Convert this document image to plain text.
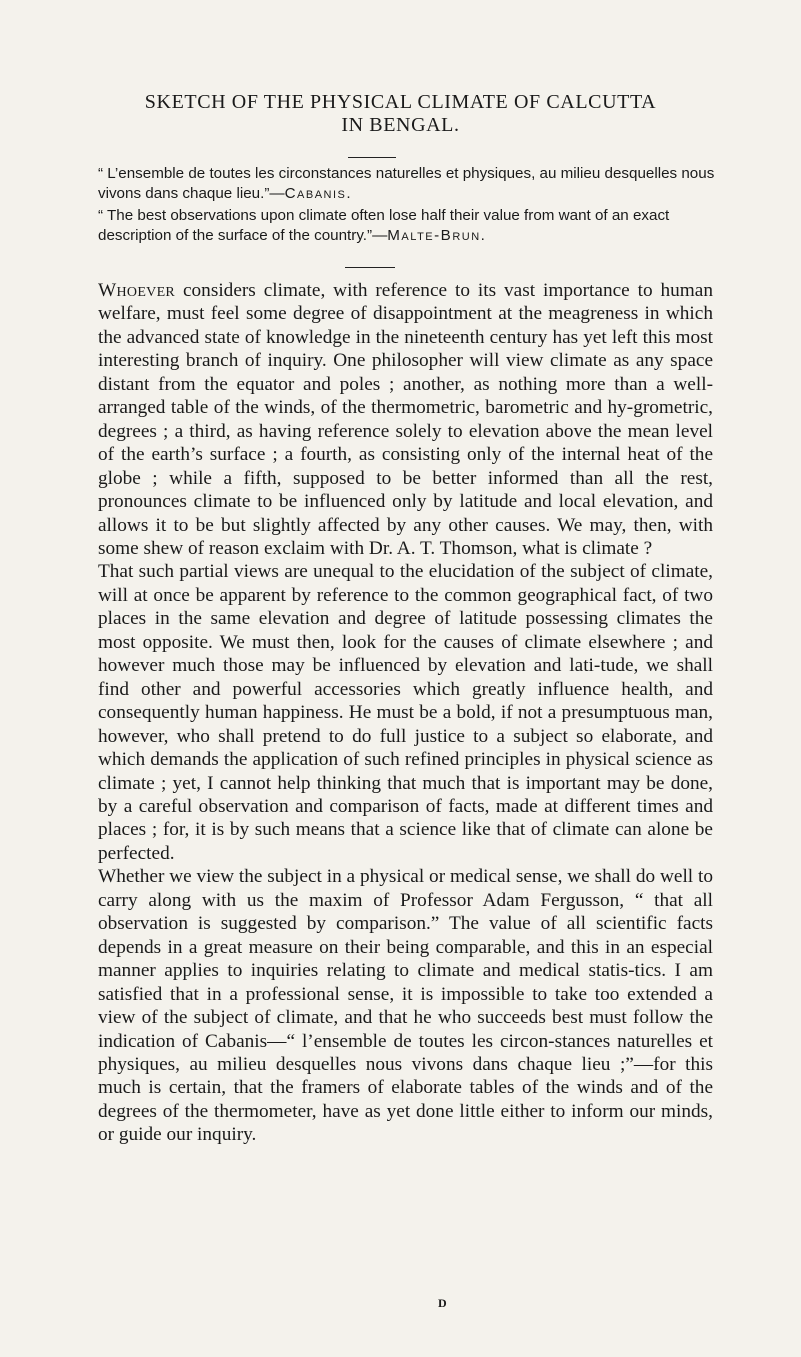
SKETCH OF THE PHYSICAL CLIMATE OF CALCUTTA
IN BENGAL.

“ L’ensemble de toutes les circonstances naturelles et physiques, au milieu desquelles nous vivons dans chaque lieu.”—Cabanis.

“ The best observations upon climate often lose half their value from want of an exact description of the surface of the country.”—Malte-Brun.

Whoever considers climate, with reference to its vast importance to human welfare, must feel some degree of disappointment at the meagreness in which the advanced state of knowledge in the nineteenth century has yet left this most interesting branch of inquiry. One philosopher will view climate as any space distant from the equator and poles ; another, as nothing more than a well-arranged table of the winds, of the thermometric, barometric and hy-grometric, degrees ; a third, as having reference solely to elevation above the mean level of the earth’s surface ; a fourth, as consisting only of the internal heat of the globe ; while a fifth, supposed to be better informed than all the rest, pronounces climate to be influenced only by latitude and local elevation, and allows it to be but slightly affected by any other causes. We may, then, with some shew of reason exclaim with Dr. A. T. Thomson, what is climate ?

That such partial views are unequal to the elucidation of the subject of climate, will at once be apparent by reference to the common geographical fact, of two places in the same elevation and degree of latitude possessing climates the most opposite. We must then, look for the causes of climate elsewhere ; and however much those may be influenced by elevation and lati-tude, we shall find other and powerful accessories which greatly influence health, and consequently human happiness. He must be a bold, if not a presumptuous man, however, who shall pretend to do full justice to a subject so elaborate, and which demands the application of such refined principles in physical science as climate ; yet, I cannot help thinking that much that is important may be done, by a careful observation and comparison of facts, made at different times and places ; for, it is by such means that a science like that of climate can alone be perfected.

Whether we view the subject in a physical or medical sense, we shall do well to carry along with us the maxim of Professor Adam Fergusson, “ that all observation is suggested by comparison.” The value of all scientific facts depends in a great measure on their being comparable, and this in an especial manner applies to inquiries relating to climate and medical statis-tics. I am satisfied that in a professional sense, it is impossible to take too extended a view of the subject of climate, and that he who succeeds best must follow the indication of Cabanis—“ l’ensemble de toutes les circon-stances naturelles et physiques, au milieu desquelles nous vivons dans chaque lieu ;”—for this much is certain, that the framers of elaborate tables of the winds and of the degrees of the thermometer, have as yet done little either to inform our minds, or guide our inquiry.

D
